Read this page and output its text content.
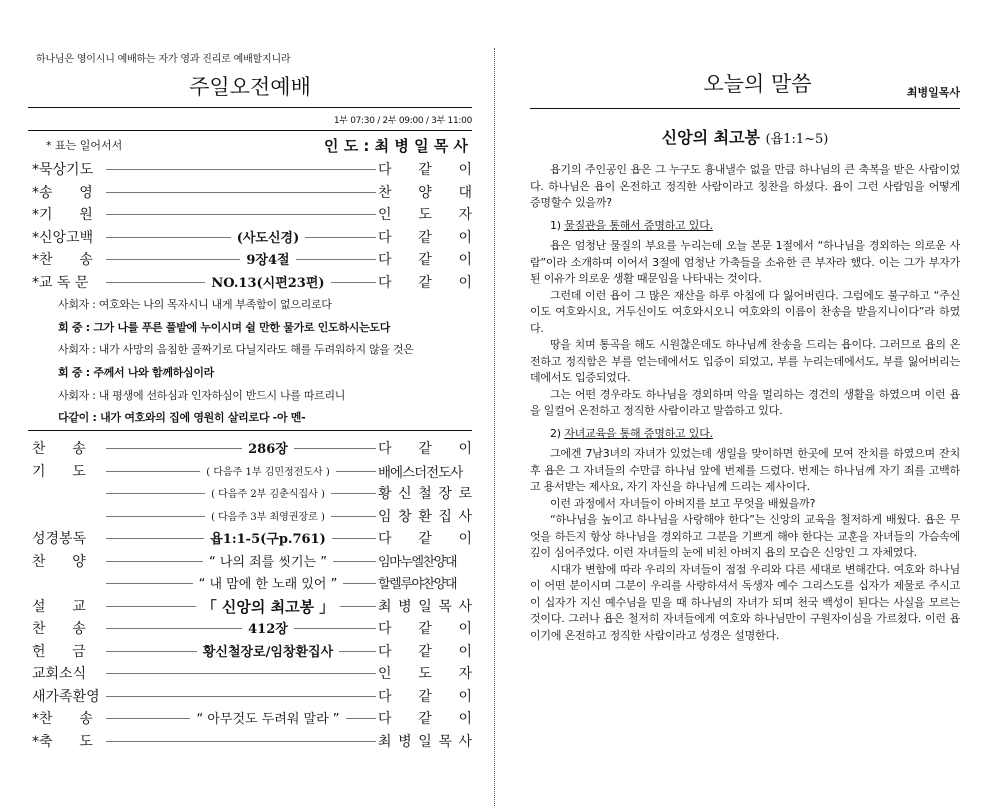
하나님은 영이시니 예배하는 자가 영과 진리로 예배할지니라
주일오전예배
1부 07:30 / 2부 09:00 / 3부 11:00
* 표는 일어서서	인 도 : 최 병 일 목 사
*묵상기도	다 같 이
*송      영	찬 양 대
*기      원	인 도 자
*신앙고백	(사도신경)	다 같 이
*찬      송	9장4절	다 같 이
*교 독 문	NO.13(시편23편)	다 같 이
사회자 : 여호와는 나의 목자시니 내게 부족함이 없으리로다
회 중 : 그가 나를 푸른 풀밭에 누이시며 쉴 만한 물가로 인도하시는도다
사회자 : 내가 사망의 음침한 골짜기로 다닐지라도 해를 두려워하지 않을 것은
회 중 : 주께서 나와 함께하심이라
사회자 : 내 평생에 선하심과 인자하심이 반드시 나를 따르리니
다같이 : 내가 여호와의 집에 영원히 살리로다 -아 멘-
찬      송	286장	다 같 이
기      도	( 다음주 1부 김민정전도사 )	배에스더전도사
( 다음주 2부 김춘식집사 )	황 신 철 장 로
( 다음주 3부 최영권장로 )	임 창 환 집 사
성경봉독	욥1:1-5(구p.761)	다 같 이
찬      양	“ 나의 죄를 씻기는 ”	임마누엘찬양대
“ 내 맘에 한 노래 있어 ”	할렐루야찬양대
설      교	「 신앙의 최고봉 」	최 병 일 목 사
찬      송	412장	다 같 이
헌      금	황신철장로/임창환집사	다 같 이
교회소식	인 도 자
새가족환영	다 같 이
*찬      송	“ 아무것도 두려워 말라 ”	다 같 이
*축      도	최 병 일 목 사
오늘의 말씀	최병일목사
신앙의 최고봉 (욥1:1~5)

욥기의 주인공인 욥은 그 누구도 흉내낼수 없을 만큼 하나님의 큰 축복을 받은 사람이었다. 하나님은 욥이 온전하고 정직한 사람이라고 칭찬을 하셨다. 욥이 그런 사람임을 어떻게 증명할수 있을까?

1) 물질관을 통해서 증명하고 있다.

욥은 엄청난 물질의 부요를 누리는데 오늘 본문 1절에서 “하나님을 경외하는 의로운 사람”이라 소개하며 이어서 3절에 엄청난 가축들을 소유한 큰 부자라 했다. 이는 그가 부자가 된 이유가 의로운 생활 때문임을 나타내는 것이다.

그런데 이런 욥이 그 많은 재산을 하루 아침에 다 잃어버린다. 그럼에도 불구하고 “주신이도 여호와시요, 거두신이도 여호와시오니 여호와의 이름이 찬송을 받을지니이다”라 하였다.

땅을 치며 통곡을 해도 시원찮은데도 하나님께 찬송을 드리는 욥이다. 그러므로 욥의 온전하고 정직함은 부를 얻는데에서도 입증이 되었고, 부를 누리는데에서도, 부를 잃어버리는데에서도 입증되었다.

그는 어떤 경우라도 하나님을 경외하며 악을 멀리하는 경건의 생활을 하였으며 이런 욥을 일컬어 온전하고 정직한 사람이라고 말씀하고 있다.

2) 자녀교육을 통해 증명하고 있다.

그에겐 7남3녀의 자녀가 있었는데 생일을 맞이하면 한곳에 모여 잔치를 하였으며 잔치 후 욥은 그 자녀들의 수만큼 하나님 앞에 번제를 드렸다. 번제는 하나님께 자기 죄를 고백하고 용서받는 제사요, 자기 자신을 하나님께 드리는 제사이다.

이런 과정에서 자녀들이 아버지를 보고 무엇을 배웠을까?

“하나님을 높이고 하나님을 사랑해야 한다”는 신앙의 교육을 철저하게 배웠다. 욥은 무엇을 하든지 항상 하나님을 경외하고 그분을 기쁘게 해야 한다는 교훈을 자녀들의 가슴속에 깊이 심어주었다. 이런 자녀들의 눈에 비친 아버지 욥의 모습은 신앙인 그 자체였다.

시대가 변함에 따라 우리의 자녀들이 점점 우리와 다른 세대로 변해간다. 여호와 하나님이 어떤 분이시며 그분이 우리를 사랑하셔서 독생자 예수 그리스도를 십자가 제물로 주시고 이 십자가 지신 예수님을 믿을 때 하나님의 자녀가 되며 천국 백성이 된다는 사실을 모르는 것이다. 그러나 욥은 철저히 자녀들에게 여호와 하나님만이 구원자이심을 가르쳤다. 이런 욥이기에 온전하고 정직한 사람이라고 성경은 설명한다.
